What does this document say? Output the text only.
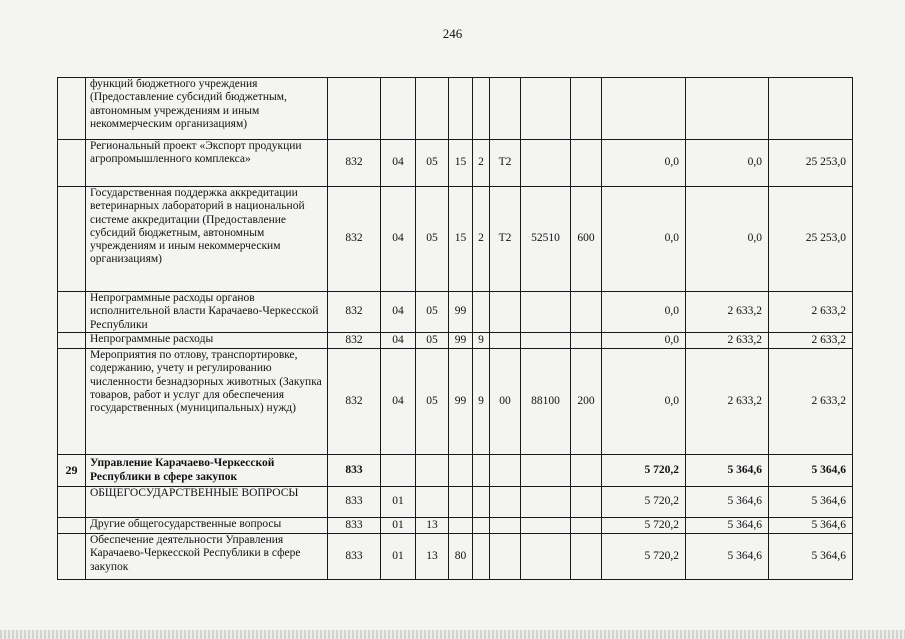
246
	функций бюджетного учреждения (Предоставление субсидий бюджетным, автономным учреждениям и иным некоммерческим организациям)											
	Региональный проект «Экспорт продукции агропромышленного комплекса»	832	04	05	15	2	T2			0,0	0,0	25 253,0
	Государственная поддержка аккредитации ветеринарных лабораторий в национальной системе аккредитации (Предоставление субсидий бюджетным, автономным учреждениям и иным некоммерческим организациям)	832	04	05	15	2	T2	52510	600	0,0	0,0	25 253,0
	Непрограммные расходы органов исполнительной власти Карачаево-Черкесской Республики	832	04	05	99					0,0	2 633,2	2 633,2
	Непрограммные расходы	832	04	05	99	9				0,0	2 633,2	2 633,2
	Мероприятия по отлову, транспортировке, содержанию, учету и регулированию численности безнадзорных животных (Закупка товаров, работ и услуг для обеспечения государственных (муниципальных) нужд)	832	04	05	99	9	00	88100	200	0,0	2 633,2	2 633,2
29	Управление Карачаево-Черкесской Республики в сфере закупок	833								5 720,2	5 364,6	5 364,6
	ОБЩЕГОСУДАРСТВЕННЫЕ ВОПРОСЫ	833	01							5 720,2	5 364,6	5 364,6
	Другие общегосударственные вопросы	833	01	13						5 720,2	5 364,6	5 364,6
	Обеспечение деятельности Управления Карачаево-Черкесской Республики в сфере закупок	833	01	13	80					5 720,2	5 364,6	5 364,6
